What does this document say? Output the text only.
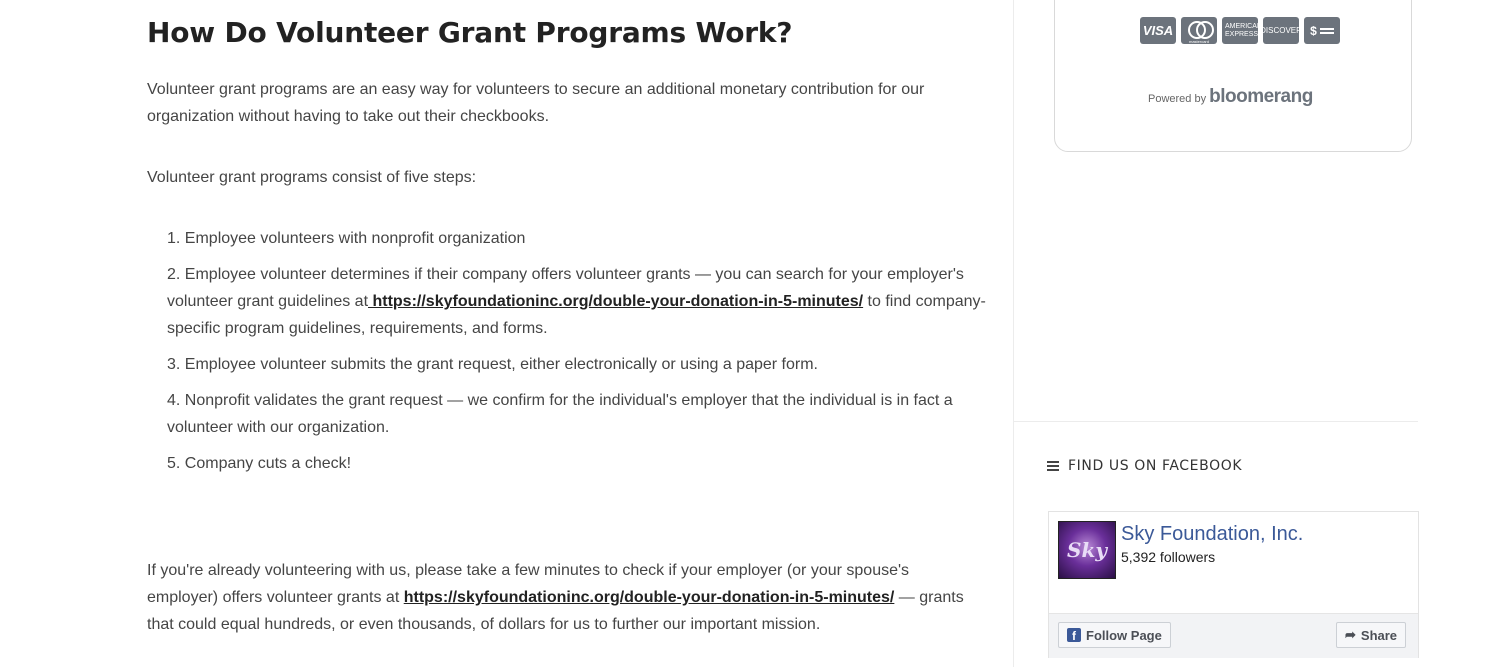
How Do Volunteer Grant Programs Work?

Volunteer grant programs are an easy way for volunteers to secure an additional monetary contribution for our organization without having to take out their checkbooks.

Volunteer grant programs consist of five steps:

1. Employee volunteers with nonprofit organization
2. Employee volunteer determines if their company offers volunteer grants — you can search for your employer's volunteer grant guidelines at https://skyfoundationinc.org/double-your-donation-in-5-minutes/ to find company-specific program guidelines, requirements, and forms.
3. Employee volunteer submits the grant request, either electronically or using a paper form.
4. Nonprofit validates the grant request — we confirm for the individual's employer that the individual is in fact a volunteer with our organization.
5. Company cuts a check!

If you're already volunteering with us, please take a few minutes to check if your employer (or your spouse's employer) offers volunteer grants at https://skyfoundationinc.org/double-your-donation-in-5-minutes/ — grants that could equal hundreds, or even thousands, of dollars for us to further our important mission.

VISA
mastercard
AMERICAN EXPRESS DISCOVER $
Powered by bloomerang
FIND US ON FACEBOOK
Sky
Sky Foundation, Inc.
5,392 followers
f Follow Page	➦ Share
